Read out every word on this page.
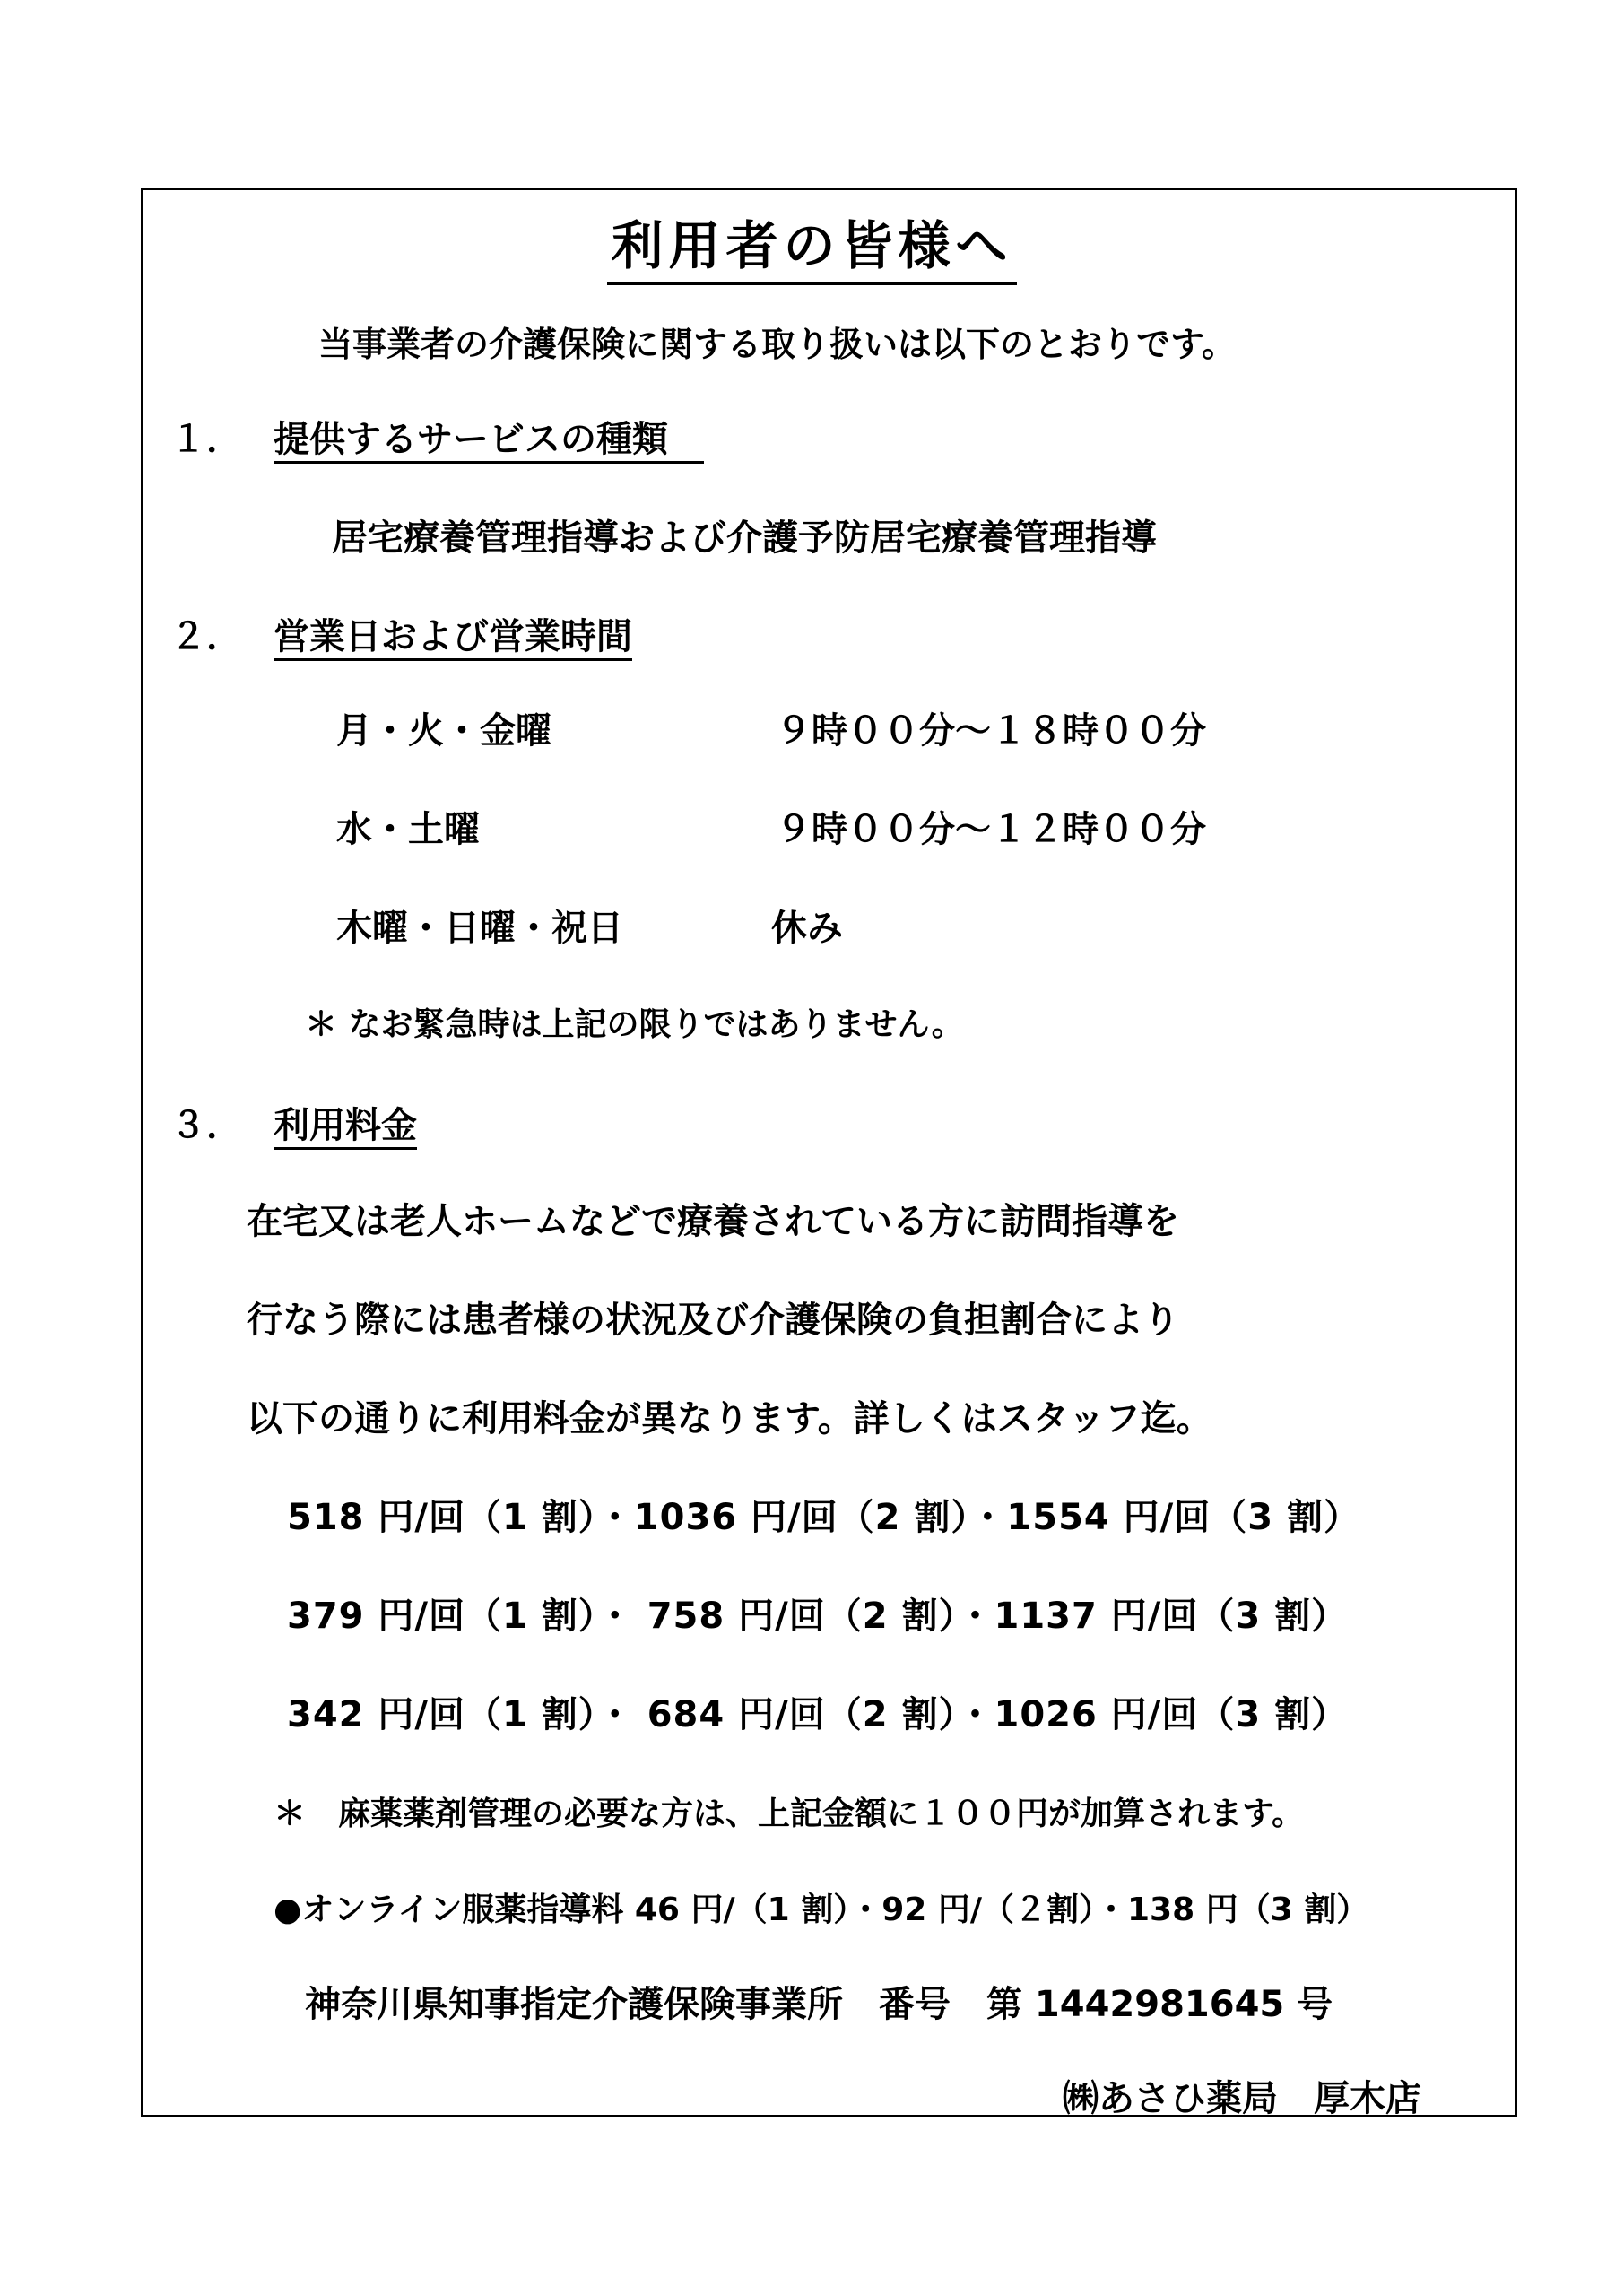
利用者の皆様へ
当事業者の介護保険に関する取り扱いは以下のとおりです。
１． 提供するサービスの種類　
居宅療養管理指導および介護予防居宅療養管理指導
２． 営業日および営業時間
月・火・金曜	９時００分～１８時００分
水・土曜	９時００分～１２時００分
木曜・日曜・祝日	休み
＊ なお緊急時は上記の限りではありません。
３． 利用料金
在宅又は老人ホームなどで療養されている方に訪問指導を
行なう際には患者様の状況及び介護保険の負担割合により
以下の通りに利用料金が異なります。詳しくはスタッフ迄。
518 円/回（1 割）・1036 円/回（2 割）・1554 円/回（3 割）
379 円/回（1 割）・ 758 円/回（2 割）・1137 円/回（3 割）
342 円/回（1 割）・ 684 円/回（2 割）・1026 円/回（3 割）
＊　麻薬薬剤管理の必要な方は、上記金額に１００円が加算されます。
●オンライン服薬指導料 46 円/（1 割）・92 円/（２割）・138 円（3 割）
神奈川県知事指定介護保険事業所　番号　第 1442981645 号
㈱あさひ薬局　厚木店
